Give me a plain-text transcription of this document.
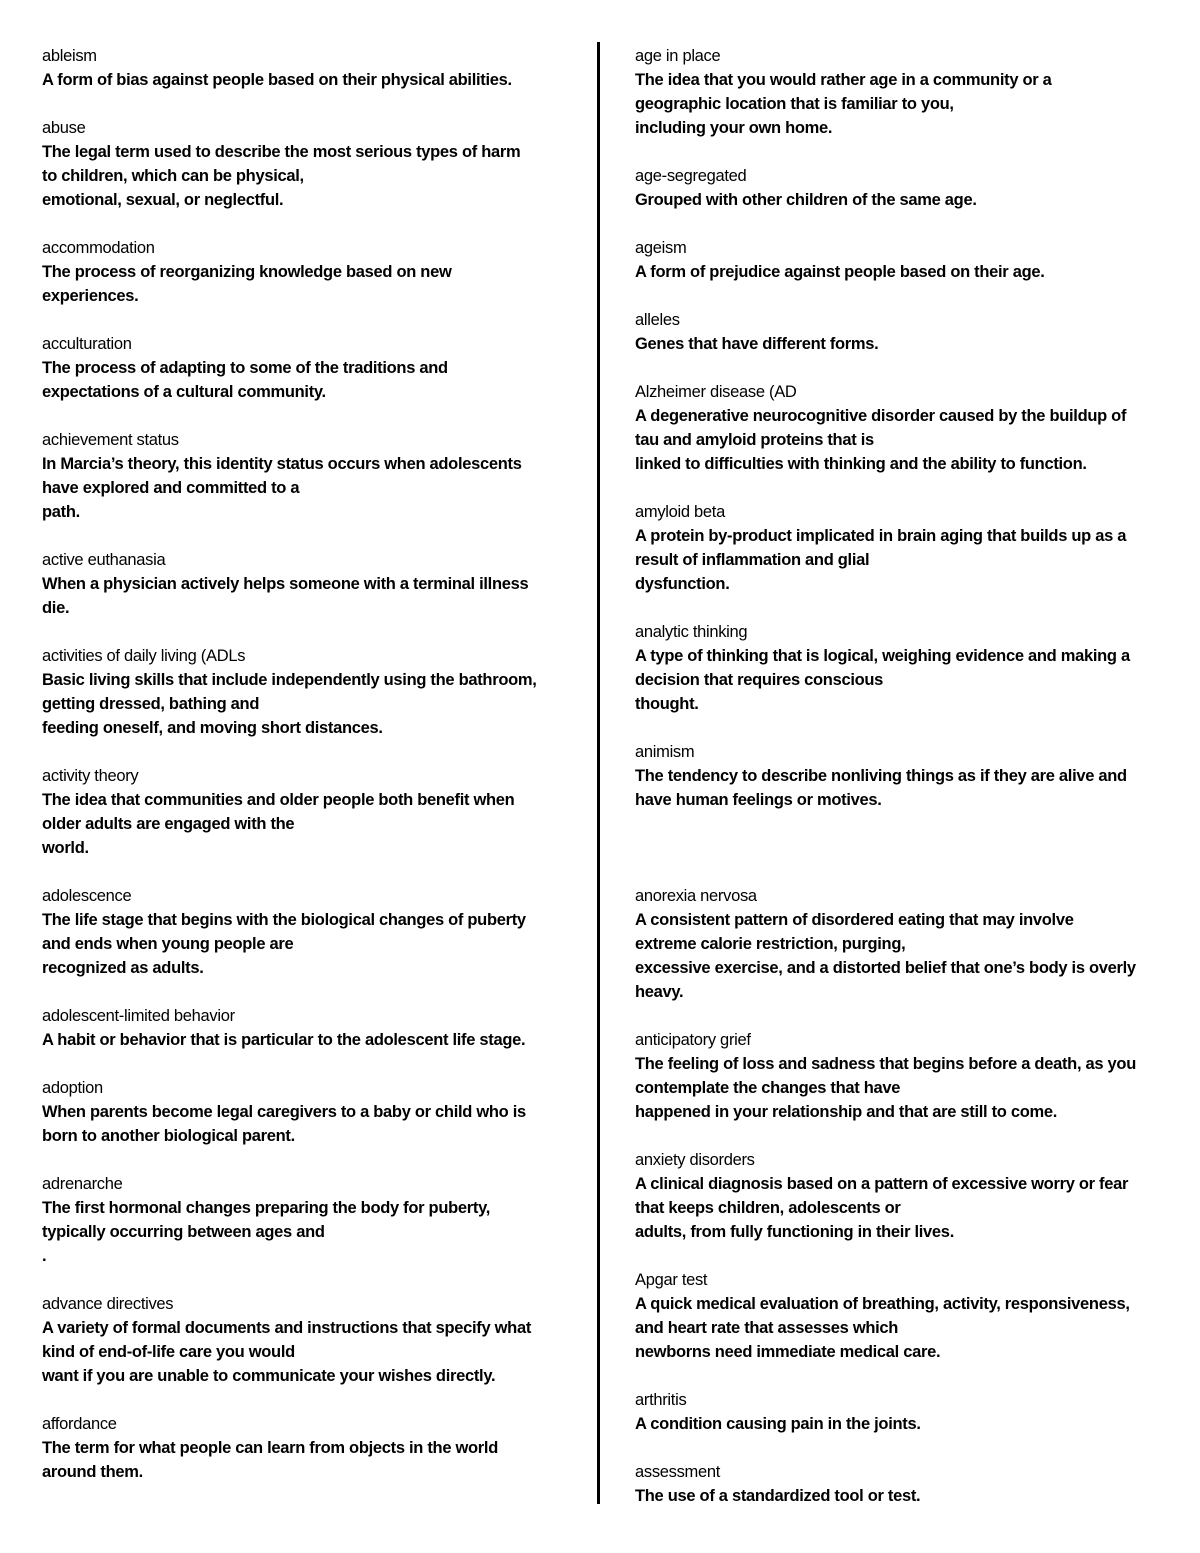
ableism
A form of bias against people based on their physical abilities.
abuse
The legal term used to describe the most serious types of harm
to children, which can be physical,
emotional, sexual, or neglectful.
accommodation
The process of reorganizing knowledge based on new
experiences.
acculturation
The process of adapting to some of the traditions and
expectations of a cultural community.
achievement status
In Marcia’s theory, this identity status occurs when adolescents
have explored and committed to a
path.
active euthanasia
When a physician actively helps someone with a terminal illness
die.
activities of daily living (ADLs
Basic living skills that include independently using the bathroom,
getting dressed, bathing and
feeding oneself, and moving short distances.
activity theory
The idea that communities and older people both benefit when
older adults are engaged with the
world.
adolescence
The life stage that begins with the biological changes of puberty
and ends when young people are
recognized as adults.
adolescent-limited behavior
A habit or behavior that is particular to the adolescent life stage.
adoption
When parents become legal caregivers to a baby or child who is
born to another biological parent.
adrenarche
The first hormonal changes preparing the body for puberty,
typically occurring between ages and
.
advance directives
A variety of formal documents and instructions that specify what
kind of end-of-life care you would
want if you are unable to communicate your wishes directly.
affordance
The term for what people can learn from objects in the world
around them.
age in place
The idea that you would rather age in a community or a
geographic location that is familiar to you,
including your own home.
age-segregated
Grouped with other children of the same age.
ageism
A form of prejudice against people based on their age.
alleles
Genes that have different forms.
Alzheimer disease (AD
A degenerative neurocognitive disorder caused by the buildup of
tau and amyloid proteins that is
linked to difficulties with thinking and the ability to function.
amyloid beta
A protein by-product implicated in brain aging that builds up as a
result of inflammation and glial
dysfunction.
analytic thinking
A type of thinking that is logical, weighing evidence and making a
decision that requires conscious
thought.
animism
The tendency to describe nonliving things as if they are alive and
have human feelings or motives.
anorexia nervosa
A consistent pattern of disordered eating that may involve
extreme calorie restriction, purging,
excessive exercise, and a distorted belief that one’s body is overly
heavy.
anticipatory grief
The feeling of loss and sadness that begins before a death, as you
contemplate the changes that have
happened in your relationship and that are still to come.
anxiety disorders
A clinical diagnosis based on a pattern of excessive worry or fear
that keeps children, adolescents or
adults, from fully functioning in their lives.
Apgar test
A quick medical evaluation of breathing, activity, responsiveness,
and heart rate that assesses which
newborns need immediate medical care.
arthritis
A condition causing pain in the joints.
assessment
The use of a standardized tool or test.
